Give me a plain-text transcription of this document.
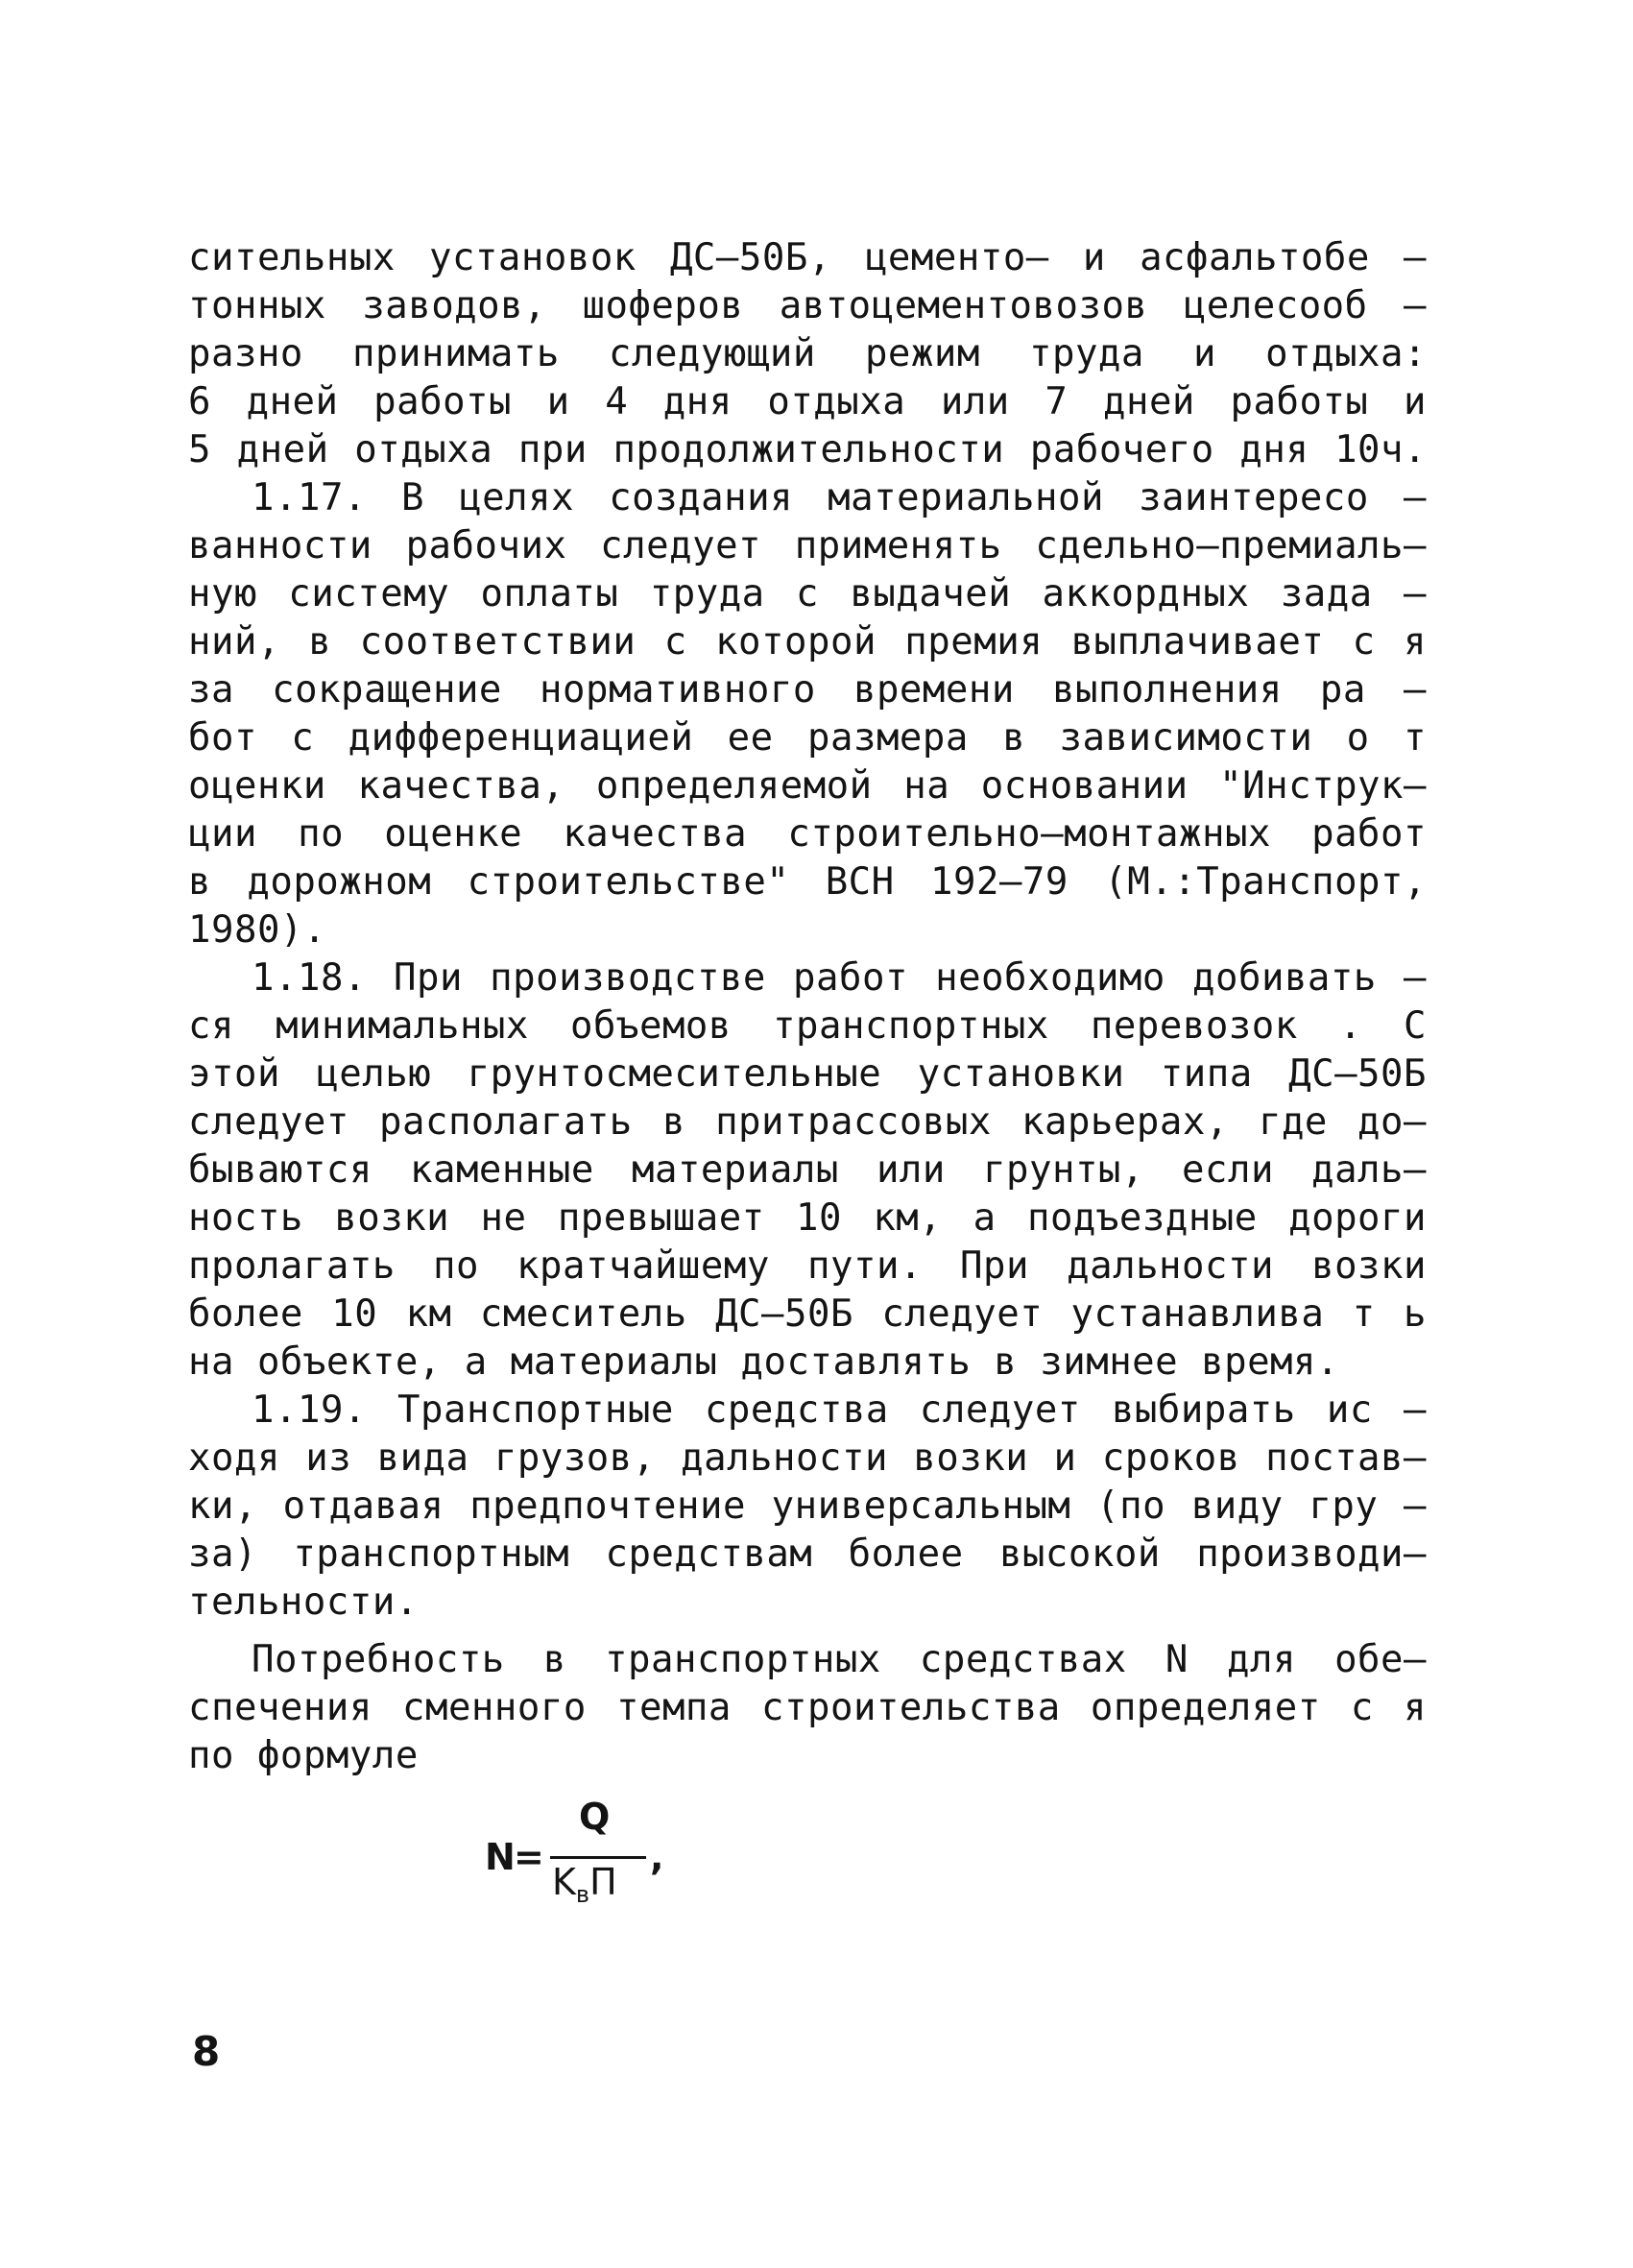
сительных установок ДС–50Б, цементо– и асфальтобе –
тонных заводов, шоферов автоцементовозов целесооб –
разно принимать следующий режим труда и отдыха:
6 дней работы и 4 дня отдыха или 7 дней работы и
5 дней отдыха при продолжительности рабочего дня 10ч.
1.17. В целях создания материальной заинтересо –
ванности рабочих следует применять сдельно–премиаль–
ную систему оплаты труда с выдачей аккордных зада –
ний, в соответствии с которой премия выплачивает с я
за сокращение нормативного времени выполнения ра –
бот с дифференциацией ее размера в зависимости о т
оценки качества, определяемой на основании "Инструк–
ции по оценке качества строительно–монтажных работ
в дорожном строительстве" ВСН 192–79 (М.:Транспорт,
1980).
1.18. При производстве работ необходимо добивать –
ся минимальных объемов транспортных перевозок . С
этой целью грунтосмесительные установки типа ДС–50Б
следует располагать в притрассовых карьерах, где до–
бываются каменные материалы или грунты, если даль–
ность возки не превышает 10 км, а подъездные дороги
пролагать по кратчайшему пути. При дальности возки
более 10 км смеситель ДС–50Б следует устанавлива т ь
на объекте, а материалы доставлять в зимнее время.
1.19. Транспортные средства следует выбирать ис –
ходя из вида грузов, дальности возки и сроков постав–
ки, отдавая предпочтение универсальным (по виду гру –
за) транспортным средствам более высокой производи–
тельности.
Потребность в транспортных средствах N для обе–
спечения сменного темпа строительства определяет с я
по формуле
N
=
Q
$K_вП$
,
8
